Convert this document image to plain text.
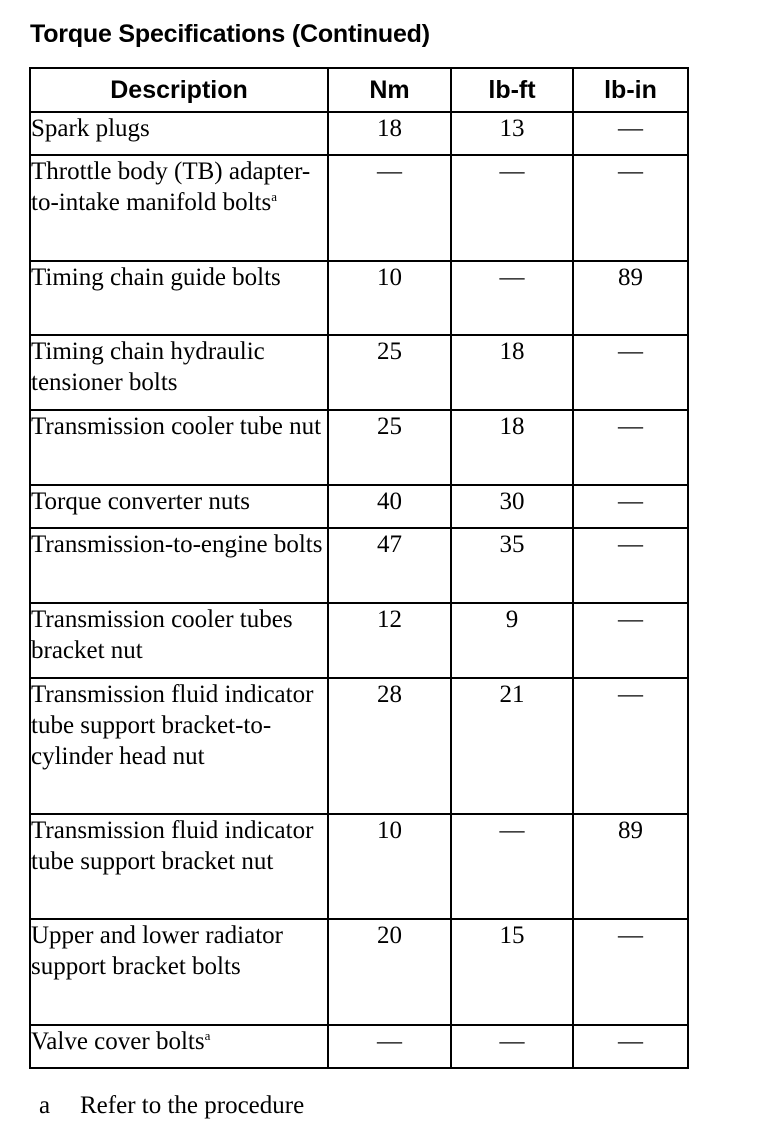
Torque Specifications (Continued)
Description	Nm	lb-ft	lb-in
Spark plugs	18	13	—
Throttle body (TB) adapter-to-intake manifold bolts$^a$	—	—	—
Timing chain guide bolts	10	—	89
Timing chain hydraulic tensioner bolts	25	18	—
Transmission cooler tube nut	25	18	—
Torque converter nuts	40	30	—
Transmission-to-engine bolts	47	35	—
Transmission cooler tubes bracket nut	12	9	—
Transmission fluid indicator tube support bracket-to-cylinder head nut	28	21	—
Transmission fluid indicator tube support bracket nut	10	—	89
Upper and lower radiator support bracket bolts	20	15	—
Valve cover bolts$^a$	—	—	—
a Refer to the procedure
